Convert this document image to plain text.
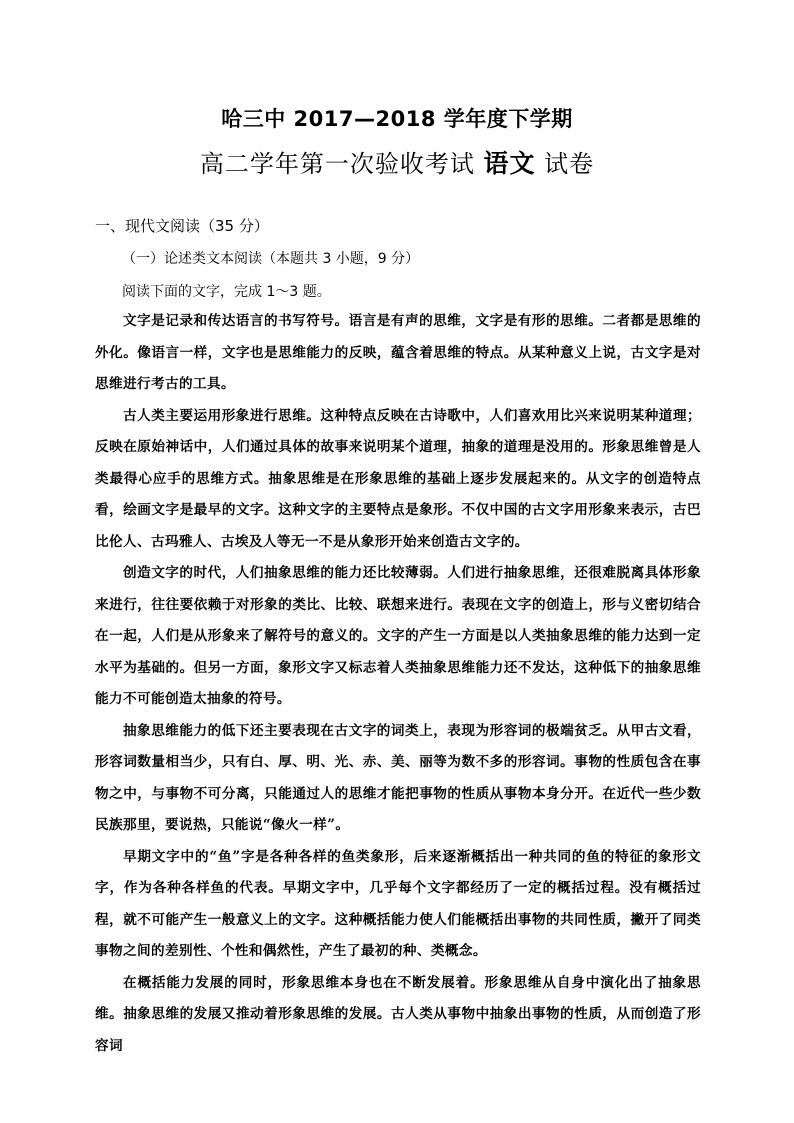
哈三中 2017—2018 学年度下学期
高二学年第一次验收考试 语文 试卷
一、现代文阅读（35 分）
（一）论述类文本阅读（本题共 3 小题，9 分）
阅读下面的文字，完成 1～3 题。

文字是记录和传达语言的书写符号。语言是有声的思维，文字是有形的思维。二者都是思维的外化。像语言一样，文字也是思维能力的反映，蕴含着思维的特点。从某种意义上说，古文字是对思维进行考古的工具。

古人类主要运用形象进行思维。这种特点反映在古诗歌中，人们喜欢用比兴来说明某种道理；反映在原始神话中，人们通过具体的故事来说明某个道理，抽象的道理是没用的。形象思维曾是人类最得心应手的思维方式。抽象思维是在形象思维的基础上逐步发展起来的。从文字的创造特点看，绘画文字是最早的文字。这种文字的主要特点是象形。不仅中国的古文字用形象来表示，古巴比伦人、古玛雅人、古埃及人等无一不是从象形开始来创造古文字的。

创造文字的时代，人们抽象思维的能力还比较薄弱。人们进行抽象思维，还很难脱离具体形象来进行，往往要依赖于对形象的类比、比较、联想来进行。表现在文字的创造上，形与义密切结合在一起，人们是从形象来了解符号的意义的。文字的产生一方面是以人类抽象思维的能力达到一定水平为基础的。但另一方面，象形文字又标志着人类抽象思维能力还不发达，这种低下的抽象思维能力不可能创造太抽象的符号。

抽象思维能力的低下还主要表现在古文字的词类上，表现为形容词的极端贫乏。从甲古文看，形容词数量相当少，只有白、厚、明、光、赤、美、丽等为数不多的形容词。事物的性质包含在事物之中，与事物不可分离，只能通过人的思维才能把事物的性质从事物本身分开。在近代一些少数民族那里，要说热，只能说“像火一样”。

早期文字中的“鱼”字是各种各样的鱼类象形，后来逐渐概括出一种共同的鱼的特征的象形文字，作为各种各样鱼的代表。早期文字中，几乎每个文字都经历了一定的概括过程。没有概括过程，就不可能产生一般意义上的文字。这种概括能力使人们能概括出事物的共同性质，撇开了同类事物之间的差别性、个性和偶然性，产生了最初的种、类概念。

在概括能力发展的同时，形象思维本身也在不断发展着。形象思维从自身中演化出了抽象思维。抽象思维的发展又推动着形象思维的发展。古人类从事物中抽象出事物的性质，从而创造了形容词
